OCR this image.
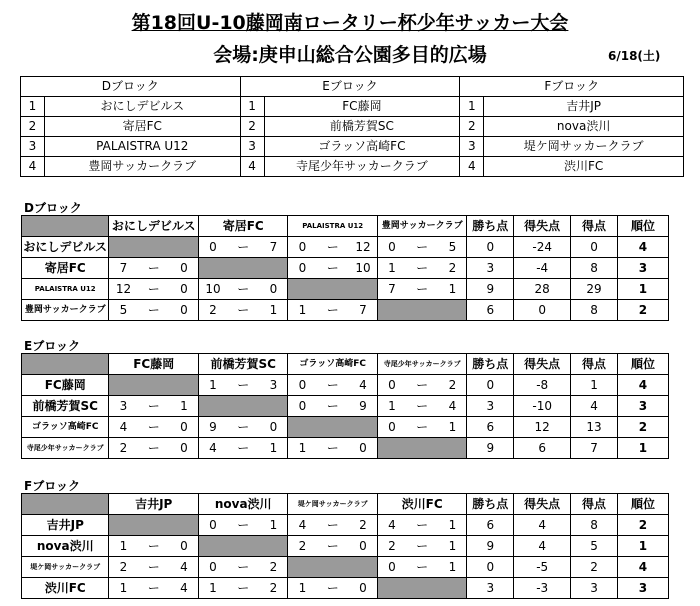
第18回U-10藤岡南ロータリー杯少年サッカー大会
会場:庚申山総合公園多目的広場	6/18(土)
Dブロック		Eブロック		Fブロック	
1	おにしデビルス	1	FC藤岡	1	吉井JP
2	寄居FC	2	前橋芳賀SC	2	nova渋川
3	PALAISTRA U12	3	ゴラッソ高崎FC	3	堤ケ岡サッカークラブ
4	豊岡サッカークラブ	4	寺尾少年サッカークラブ	4	渋川FC
Dブロック
	おにしデビルス			寄居FC			PALAISTRA U12			豊岡サッカークラブ			勝ち点	得失点	得点	順位
おにしデビルス				0	ー	7	0	ー	12	0	ー	5	0	-24	0	4
寄居FC	7	ー	0				0	ー	10	1	ー	2	3	-4	8	3
PALAISTRA U12	12	ー	0	10	ー	0				7	ー	1	9	28	29	1
豊岡サッカークラブ	5	ー	0	2	ー	1	1	ー	7				6	0	8	2
Eブロック
	FC藤岡			前橋芳賀SC			ゴラッソ高崎FC			寺尾少年サッカークラブ			勝ち点	得失点	得点	順位
FC藤岡				1	ー	3	0	ー	4	0	ー	2	0	-8	1	4
前橋芳賀SC	3	ー	1				0	ー	9	1	ー	4	3	-10	4	3
ゴラッソ高崎FC	4	ー	0	9	ー	0				0	ー	1	6	12	13	2
寺尾少年サッカークラブ	2	ー	0	4	ー	1	1	ー	0				9	6	7	1
Fブロック
	吉井JP			nova渋川			堤ケ岡サッカークラブ			渋川FC			勝ち点	得失点	得点	順位
吉井JP				0	ー	1	4	ー	2	4	ー	1	6	4	8	2
nova渋川	1	ー	0				2	ー	0	2	ー	1	9	4	5	1
堤ケ岡サッカークラブ	2	ー	4	0	ー	2				0	ー	1	0	-5	2	4
渋川FC	1	ー	4	1	ー	2	1	ー	0				3	-3	3	3
